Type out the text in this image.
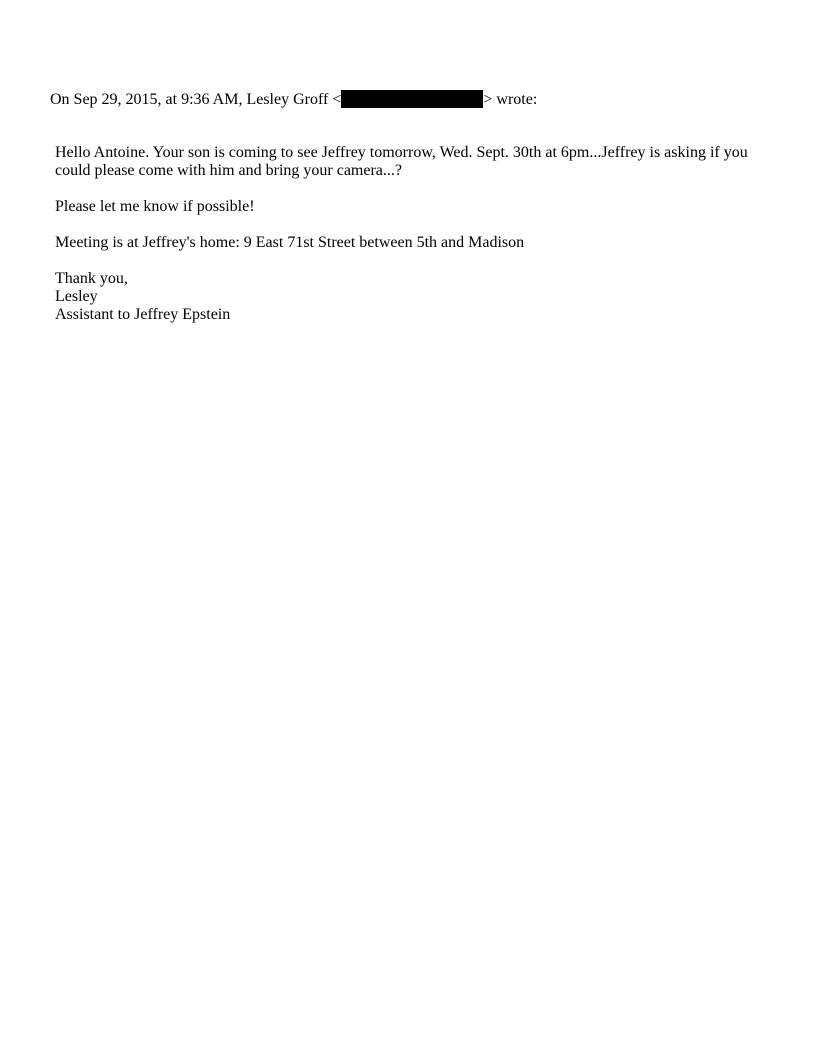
On Sep 29, 2015, at 9:36 AM, Lesley Groff <	> wrote:

Hello Antoine. Your son is coming to see Jeffrey tomorrow, Wed. Sept. 30th at 6pm...Jeffrey is asking if you could please come with him and bring your camera...?

Please let me know if possible!

Meeting is at Jeffrey's home: 9 East 71st Street between 5th and Madison

Thank you,
Lesley
Assistant to Jeffrey Epstein
